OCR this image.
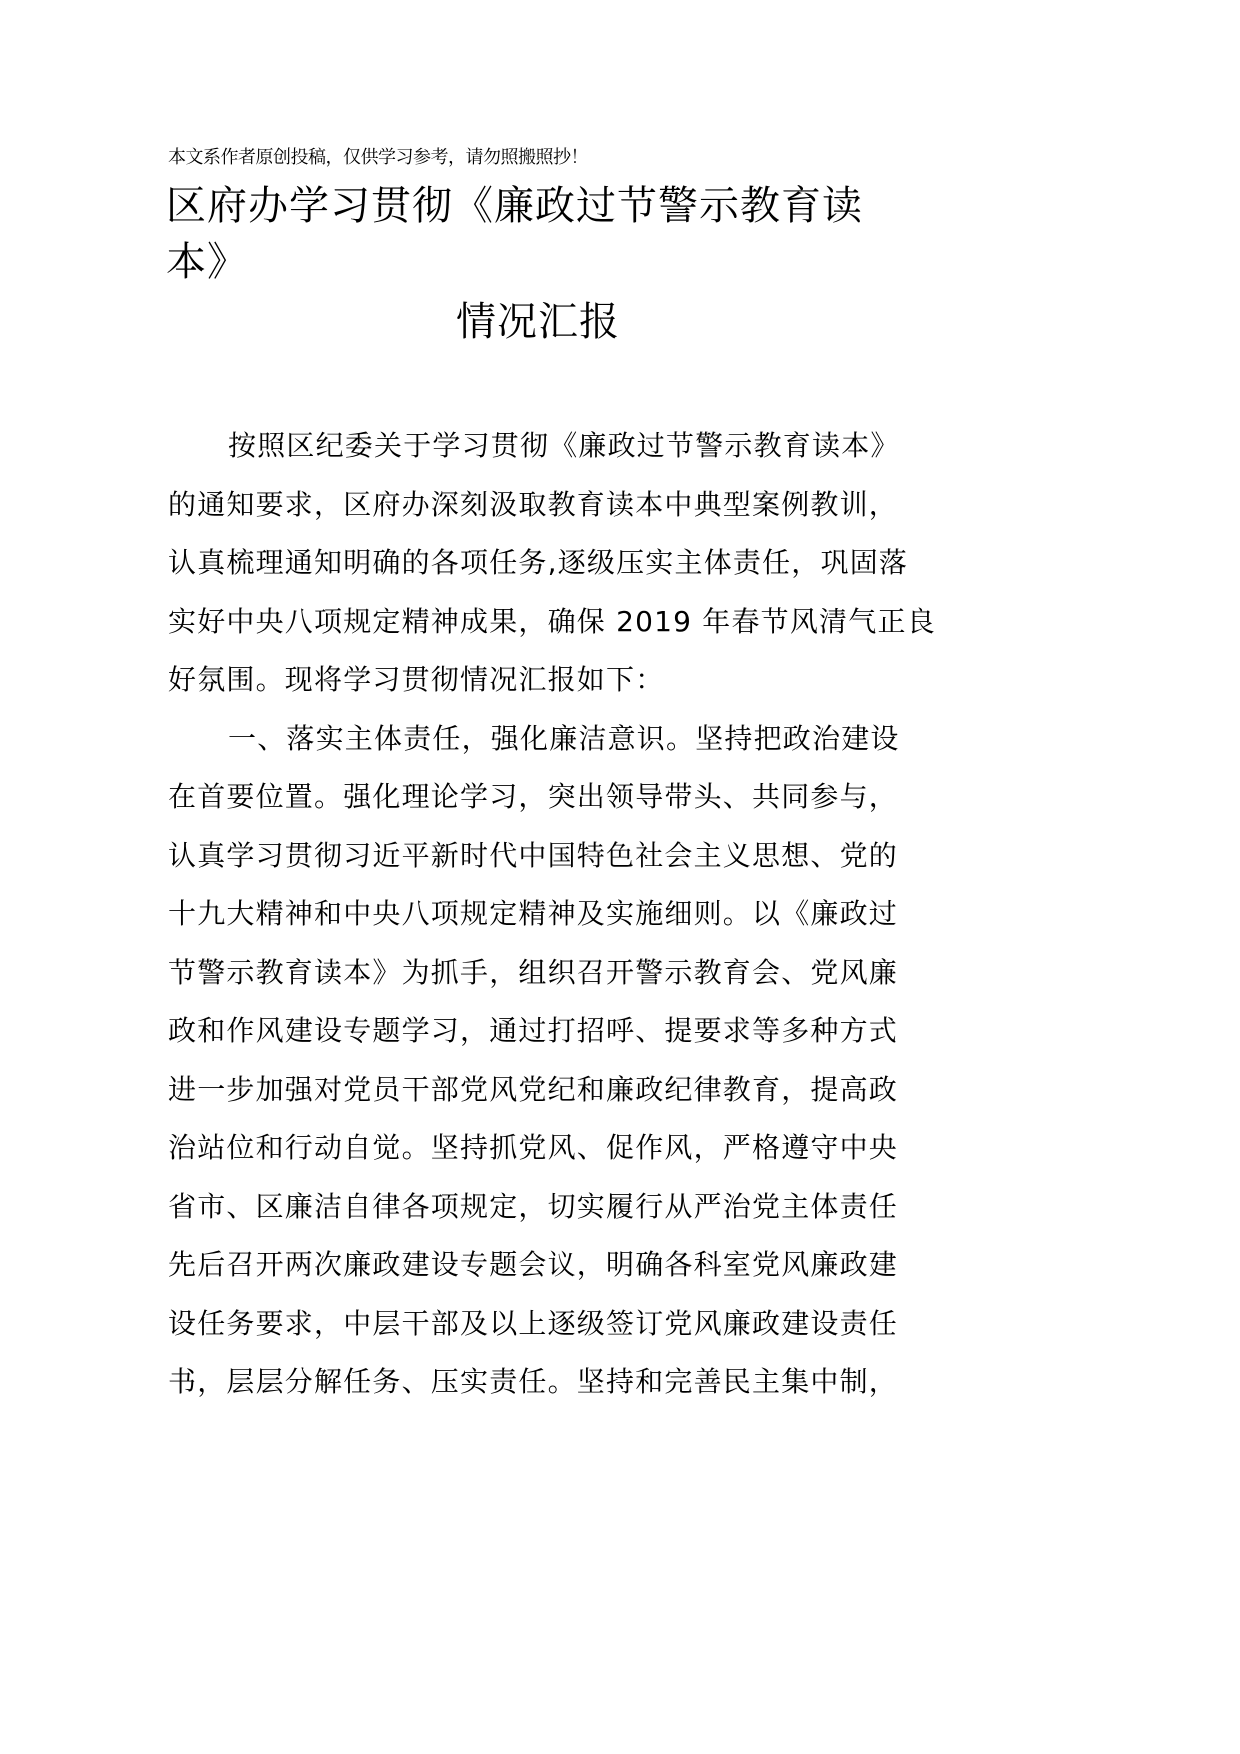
本文系作者原创投稿，仅供学习参考，请勿照搬照抄！
区府办学习贯彻《廉政过节警示教育读
本》
情况汇报
按照区纪委关于学习贯彻《廉政过节警示教育读本》
的通知要求，区府办深刻汲取教育读本中典型案例教训，
认真梳理通知明确的各项任务,逐级压实主体责任，巩固落
实好中央八项规定精神成果，确保 2019 年春节风清气正良
好氛围。现将学习贯彻情况汇报如下：
一、落实主体责任，强化廉洁意识。坚持把政治建设
在首要位置。强化理论学习，突出领导带头、共同参与，
认真学习贯彻习近平新时代中国特色社会主义思想、党的
十九大精神和中央八项规定精神及实施细则。以《廉政过
节警示教育读本》为抓手，组织召开警示教育会、党风廉
政和作风建设专题学习，通过打招呼、提要求等多种方式
进一步加强对党员干部党风党纪和廉政纪律教育，提高政
治站位和行动自觉。坚持抓党风、促作风，严格遵守中央
省市、区廉洁自律各项规定，切实履行从严治党主体责任
先后召开两次廉政建设专题会议，明确各科室党风廉政建
设任务要求，中层干部及以上逐级签订党风廉政建设责任
书，层层分解任务、压实责任。坚持和完善民主集中制，
